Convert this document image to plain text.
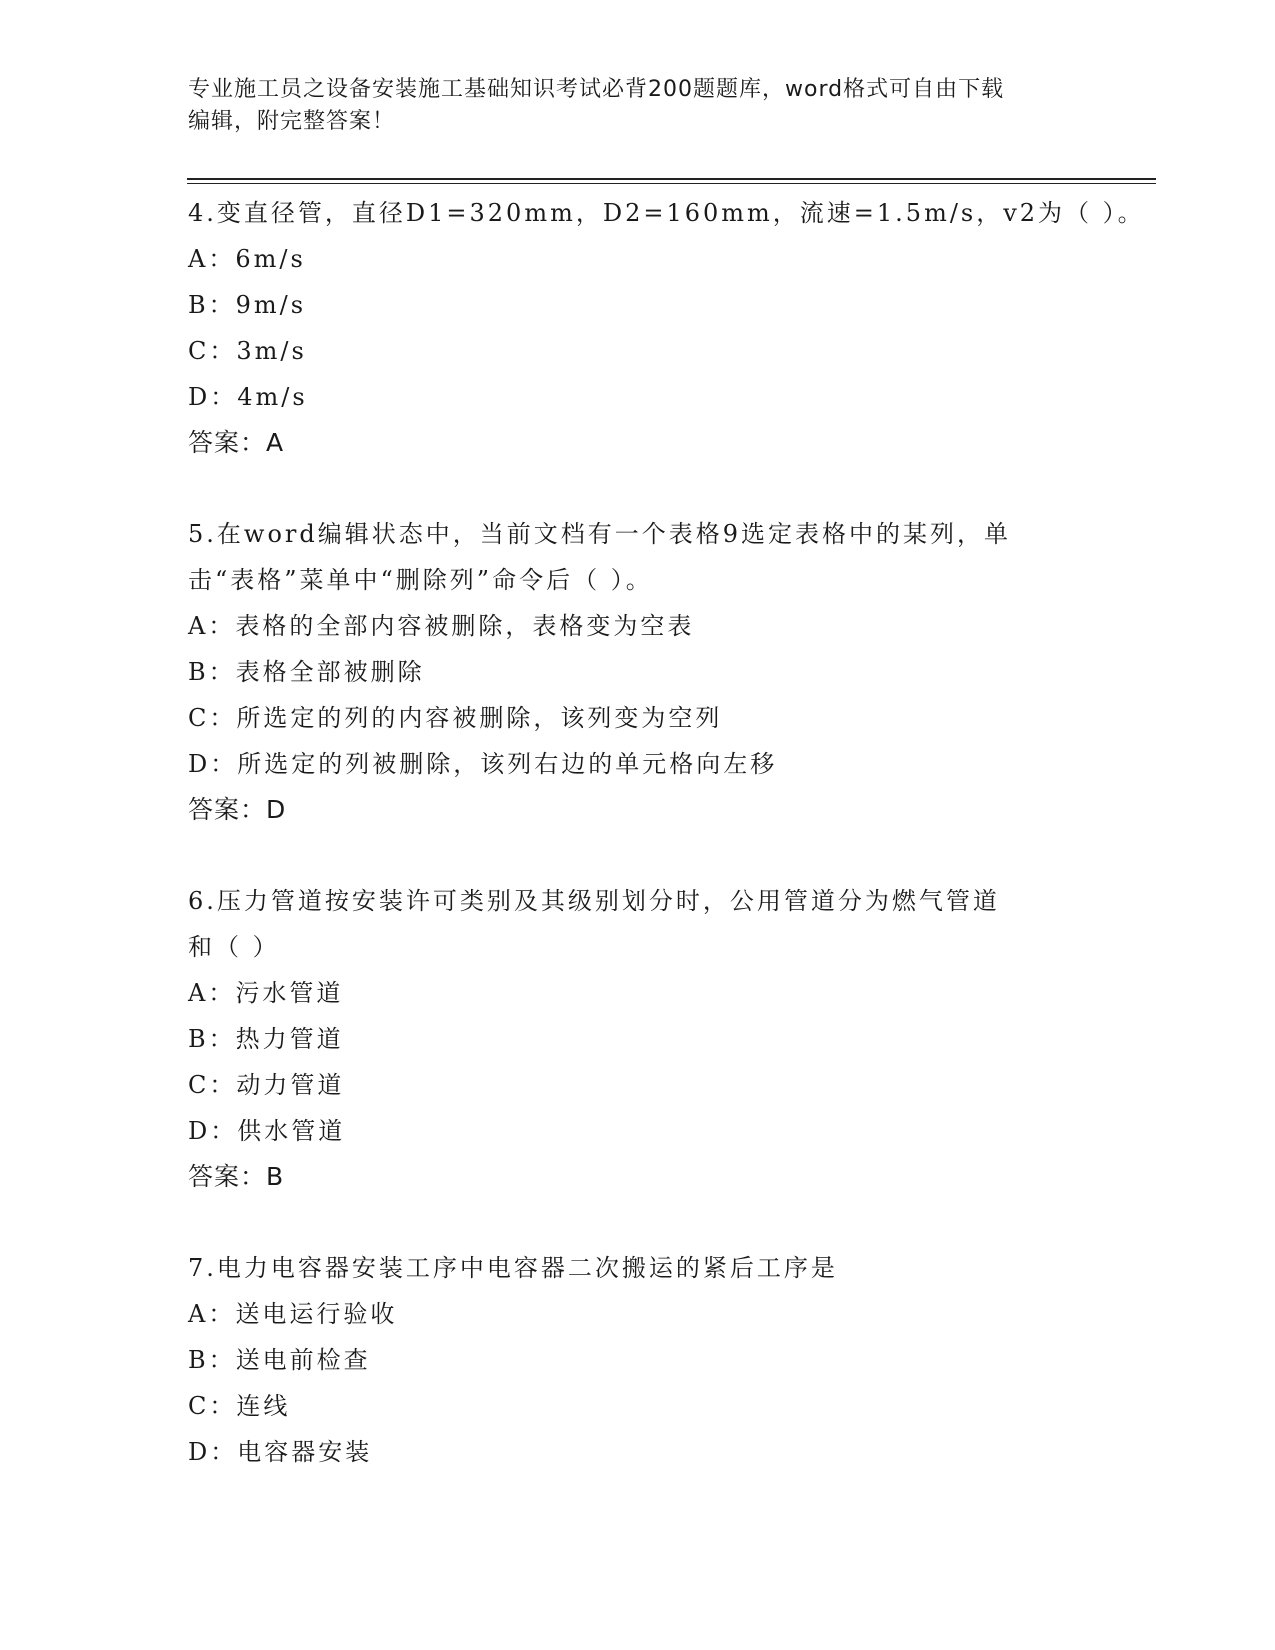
专业施工员之设备安装施工基础知识考试必背200题题库，word格式可自由下载
编辑，附完整答案！
4.变直径管，直径D1=320mm，D2=160mm，流速=1.5m/s，v2为（ ）。
A：6m/s
B：9m/s
C：3m/s
D：4m/s
答案：A
5.在word编辑状态中，当前文档有一个表格9选定表格中的某列，单
击“表格”菜单中“删除列”命令后（ ）。
A：表格的全部内容被删除，表格变为空表
B：表格全部被删除
C：所选定的列的内容被删除，该列变为空列
D：所选定的列被删除，该列右边的单元格向左移
答案：D
6.压力管道按安装许可类别及其级别划分时，公用管道分为燃气管道
和（ ）
A：污水管道
B：热力管道
C：动力管道
D：供水管道
答案：B
7.电力电容器安装工序中电容器二次搬运的紧后工序是
A：送电运行验收
B：送电前检查
C：连线
D：电容器安装
